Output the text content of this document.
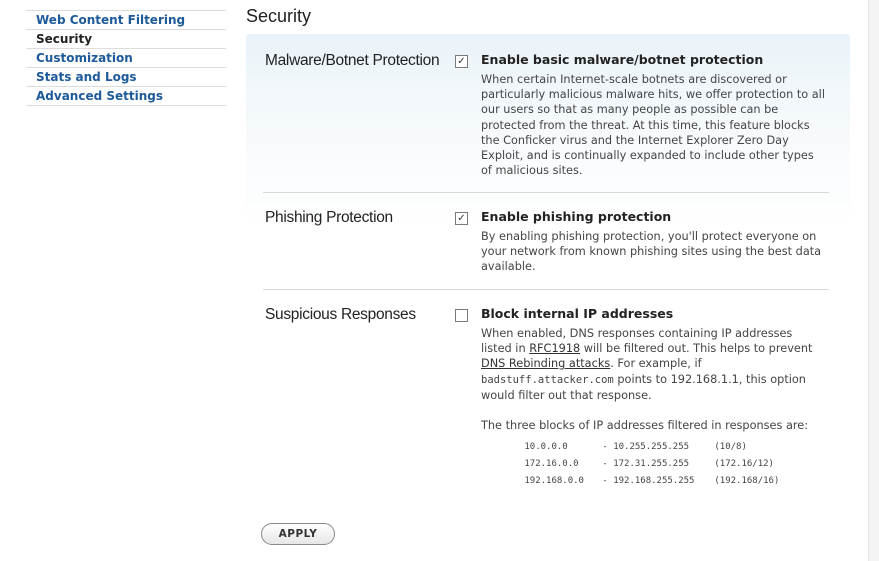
Web Content Filtering
Security
Customization
Stats and Logs
Advanced Settings
Security
Malware/Botnet Protection ✓ Enable basic malware/botnet protection

When certain Internet-scale botnets are discovered or particularly malicious malware hits, we offer protection to all our users so that as many people as possible can be protected from the threat. At this time, this feature blocks the Conficker virus and the Internet Explorer Zero Day Exploit, and is continually expanded to include other types of malicious sites.

Phishing Protection	✓ Enable phishing protection

By enabling phishing protection, you'll protect everyone on your network from known phishing sites using the best data available.

Suspicious Responses	Block internal IP addresses

When enabled, DNS responses containing IP addresses listed in RFC1918 will be filtered out. This helps to prevent DNS Rebinding attacks. For example, if badstuff.attacker.com points to 192.168.1.1, this option would filter out that response.

The three blocks of IP addresses filtered in responses are:

10.0.0.0	- 10.255.255.255	(10/8)

172.16.0.0	- 172.31.255.255	(172.16/12)

192.168.0.0 - 192.168.255.255 (192.168/16)

APPLY
